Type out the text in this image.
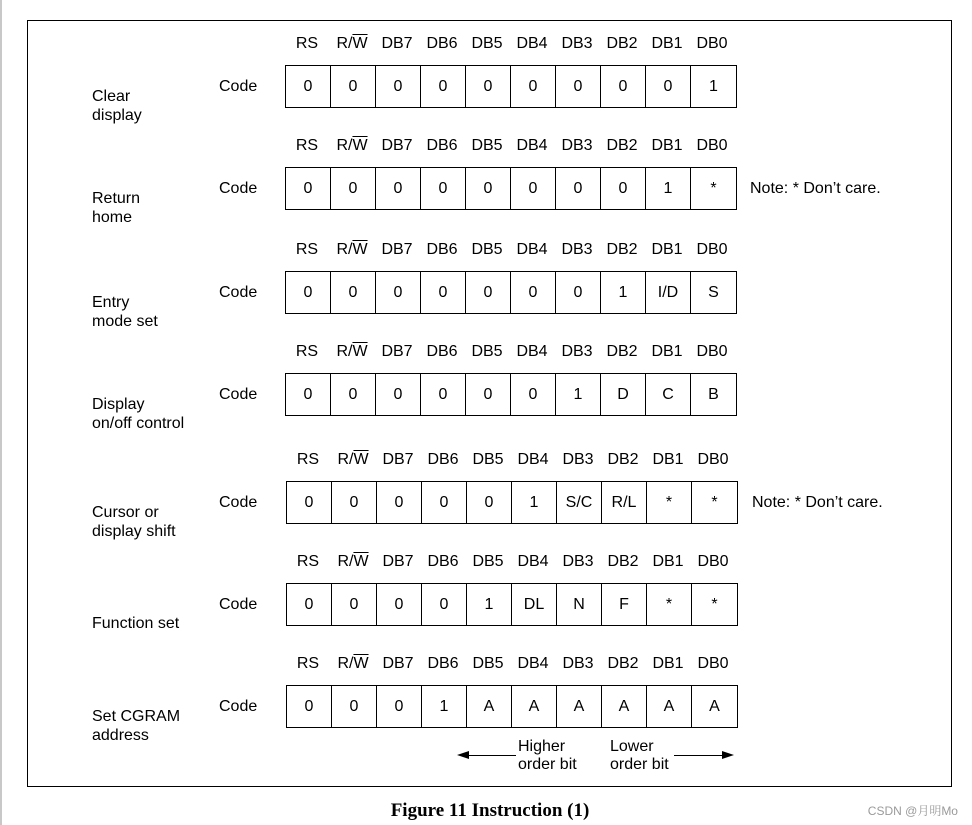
RS	$R/\overline{W}$ DB7 DB6 DB5 DB4 DB3 DB2 DB1 DB0
Clear
display
Code	0	0	0	0	0	0	0	0	0	1
RS	$R/\overline{W}$ DB7 DB6 DB5 DB4 DB3 DB2 DB1 DB0
Return
home
Code	0	0	0	0	0	0	0	0	1	*	Note: * Don’t care.
RS	$R/\overline{W}$ DB7 DB6 DB5 DB4 DB3 DB2 DB1 DB0
Entry
mode set
Code	0	0	0	0	0	0	0	1	I/D	S
RS	$R/\overline{W}$ DB7 DB6 DB5 DB4 DB3 DB2 DB1 DB0
Display
on/off control
Code	0	0	0	0	0	0	1	D	C	B
RS	$R/\overline{W}$ DB7 DB6 DB5 DB4 DB3 DB2 DB1 DB0
Cursor or
display shift
Code	0	0	0	0	0	1	S/C	R/L	*	*	Note: * Don’t care.
RS	$R/\overline{W}$ DB7 DB6 DB5 DB4 DB3 DB2 DB1 DB0
Function set
Code	0	0	0	0	1	DL	N	F	*	*
RS	$R/\overline{W}$ DB7 DB6 DB5 DB4 DB3 DB2 DB1 DB0
Set CGRAM
address
Code	0	0	0	1	A	A	A	A	A	A
Higher
order bit
Lower
order bit
Figure 11 Instruction (1)	CSDN @月明Mo
